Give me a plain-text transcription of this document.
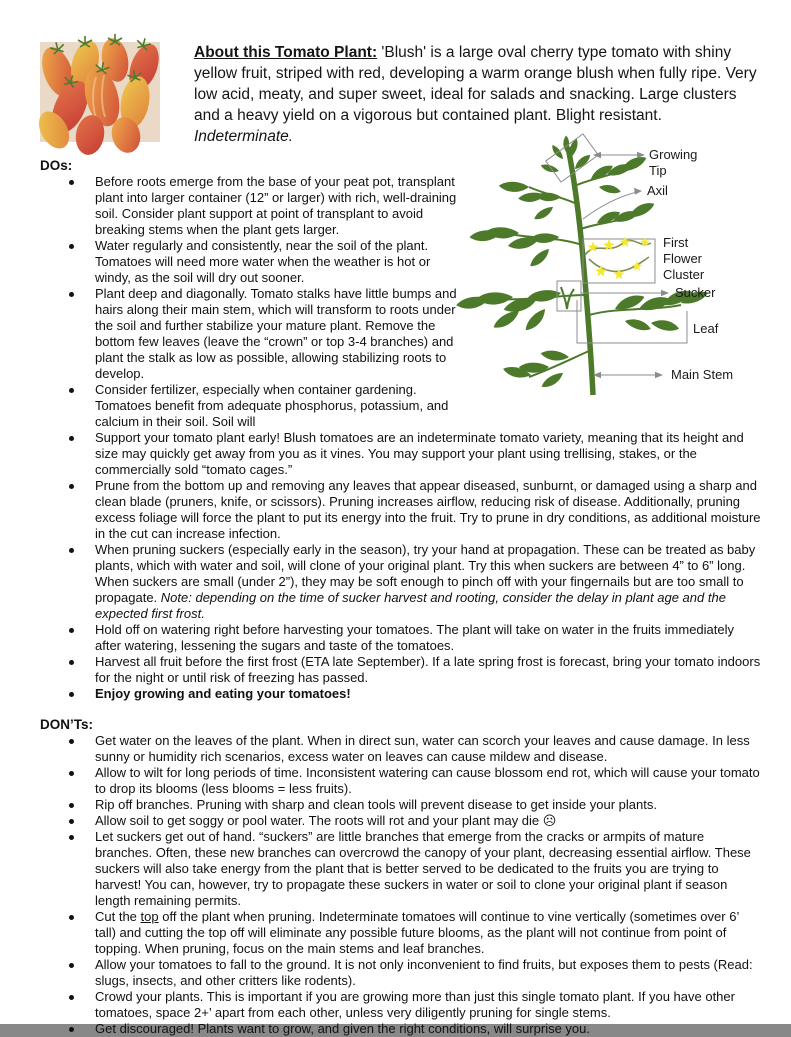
About this Tomato Plant: 'Blush' is a large oval cherry type tomato with shiny yellow fruit, striped with red, developing a warm orange blush when fully ripe. Very low acid, meaty, and super sweet, ideal for salads and snacking. Large clusters and a heavy yield on a vigorous but contained plant. Blight resistant. Indeterminate.

Growing
Tip
Axil
First
Flower
Cluster
Sucker
Leaf
Main Stem
DOs:
Before roots emerge from the base of your peat pot, transplant plant into larger container (12” or larger) with rich, well-draining soil. Consider plant support at point of transplant to avoid breaking stems when the plant gets larger.
Water regularly and consistently, near the soil of the plant. Tomatoes will need more water when the weather is hot or windy, as the soil will dry out sooner.
Plant deep and diagonally. Tomato stalks have little bumps and hairs along their main stem, which will transform to roots under the soil and further stabilize your mature plant. Remove the bottom few leaves (leave the “crown” or top 3-4 branches) and plant the stalk as low as possible, allowing stabilizing roots to develop.
Consider fertilizer, especially when container gardening. Tomatoes benefit from adequate phosphorus, potassium, and calcium in their soil. Soil will
Support your tomato plant early! Blush tomatoes are an indeterminate tomato variety, meaning that its height and size may quickly get away from you as it vines. You may support your plant using trellising, stakes, or the commercially sold “tomato cages.”
Prune from the bottom up and removing any leaves that appear diseased, sunburnt, or damaged using a sharp and clean blade (pruners, knife, or scissors). Pruning increases airflow, reducing risk of disease. Additionally, pruning excess foliage will force the plant to put its energy into the fruit. Try to prune in dry conditions, as additional moisture in the cut can increase infection.
When pruning suckers (especially early in the season), try your hand at propagation. These can be treated as baby plants, which with water and soil, will clone of your original plant. Try this when suckers are between 4” to 6” long. When suckers are small (under 2”), they may be soft enough to pinch off with your fingernails but are too small to propagate. Note: depending on the time of sucker harvest and rooting, consider the delay in plant age and the expected first frost.
Hold off on watering right before harvesting your tomatoes. The plant will take on water in the fruits immediately after watering, lessening the sugars and taste of the tomatoes.
Harvest all fruit before the first frost (ETA late September). If a late spring frost is forecast, bring your tomato indoors for the night or until risk of freezing has passed.
Enjoy growing and eating your tomatoes!
DON’Ts:
Get water on the leaves of the plant. When in direct sun, water can scorch your leaves and cause damage. In less sunny or humidity rich scenarios, excess water on leaves can cause mildew and disease.
Allow to wilt for long periods of time. Inconsistent watering can cause blossom end rot, which will cause your tomato to drop its blooms (less blooms = less fruits).
Rip off branches. Pruning with sharp and clean tools will prevent disease to get inside your plants.
Allow soil to get soggy or pool water. The roots will rot and your plant may die ☹
Let suckers get out of hand. “suckers” are little branches that emerge from the cracks or armpits of mature branches. Often, these new branches can overcrowd the canopy of your plant, decreasing essential airflow. These suckers will also take energy from the plant that is better served to be dedicated to the fruits you are trying to harvest! You can, however, try to propagate these suckers in water or soil to clone your original plant if season length remaining permits.
Cut the top off the plant when pruning. Indeterminate tomatoes will continue to vine vertically (sometimes over 6’ tall) and cutting the top off will eliminate any possible future blooms, as the plant will not continue from point of topping. When pruning, focus on the main stems and leaf branches.
Allow your tomatoes to fall to the ground. It is not only inconvenient to find fruits, but exposes them to pests (Read: slugs, insects, and other critters like rodents).
Crowd your plants. This is important if you are growing more than just this single tomato plant. If you have other tomatoes, space 2+’ apart from each other, unless very diligently pruning for single stems.
Get discouraged! Plants want to grow, and given the right conditions, will surprise you.
